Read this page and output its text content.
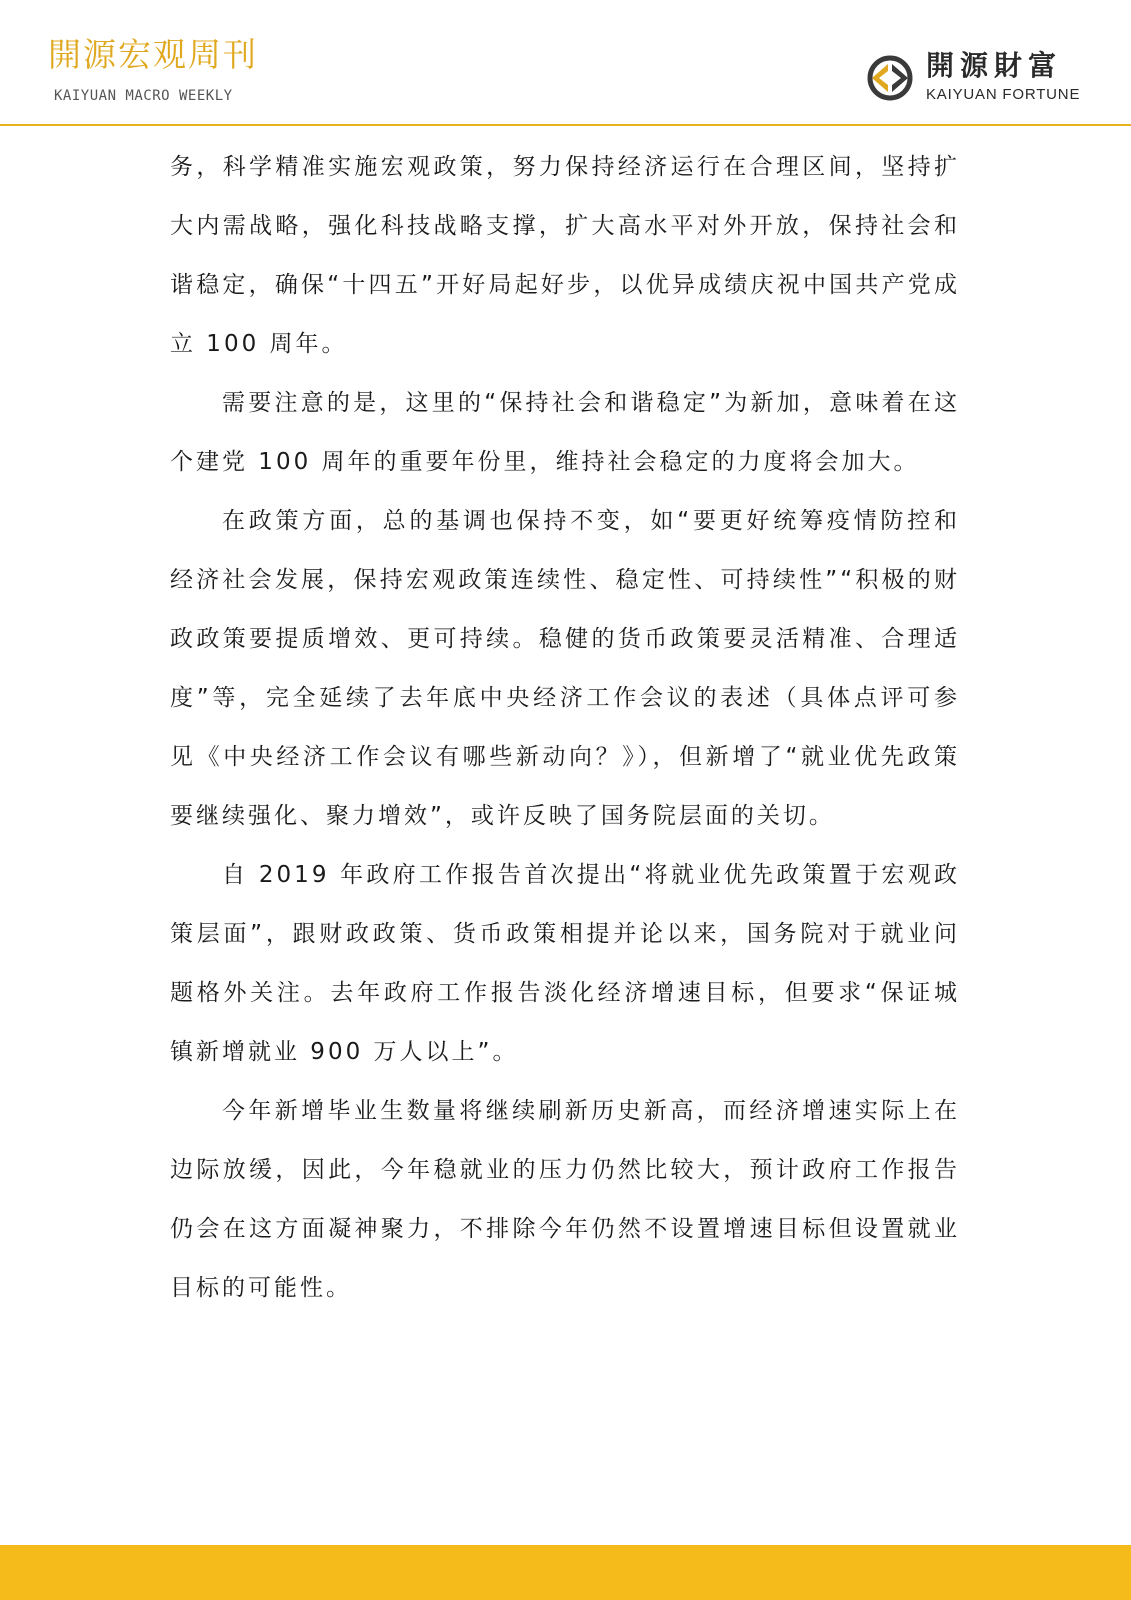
開源宏观周刊
KAIYUAN MACRO WEEKLY
開源財富
KAIYUAN FORTUNE

务，科学精准实施宏观政策，努力保持经济运行在合理区间，坚持扩大内需战略，强化科技战略支撑，扩大高水平对外开放，保持社会和谐稳定，确保“十四五”开好局起好步，以优异成绩庆祝中国共产党成立 100 周年。

需要注意的是，这里的“保持社会和谐稳定”为新加，意味着在这个建党 100 周年的重要年份里，维持社会稳定的力度将会加大。

在政策方面，总的基调也保持不变，如“要更好统筹疫情防控和经济社会发展，保持宏观政策连续性、稳定性、可持续性”“积极的财政政策要提质增效、更可持续。稳健的货币政策要灵活精准、合理适度”等，完全延续了去年底中央经济工作会议的表述（具体点评可参见《中央经济工作会议有哪些新动向？》），但新增了“就业优先政策要继续强化、聚力增效”，或许反映了国务院层面的关切。

自 2019 年政府工作报告首次提出“将就业优先政策置于宏观政策层面”，跟财政政策、货币政策相提并论以来，国务院对于就业问题格外关注。去年政府工作报告淡化经济增速目标，但要求“保证城镇新增就业 900 万人以上”。

今年新增毕业生数量将继续刷新历史新高，而经济增速实际上在边际放缓，因此，今年稳就业的压力仍然比较大，预计政府工作报告仍会在这方面凝神聚力，不排除今年仍然不设置增速目标但设置就业目标的可能性。
